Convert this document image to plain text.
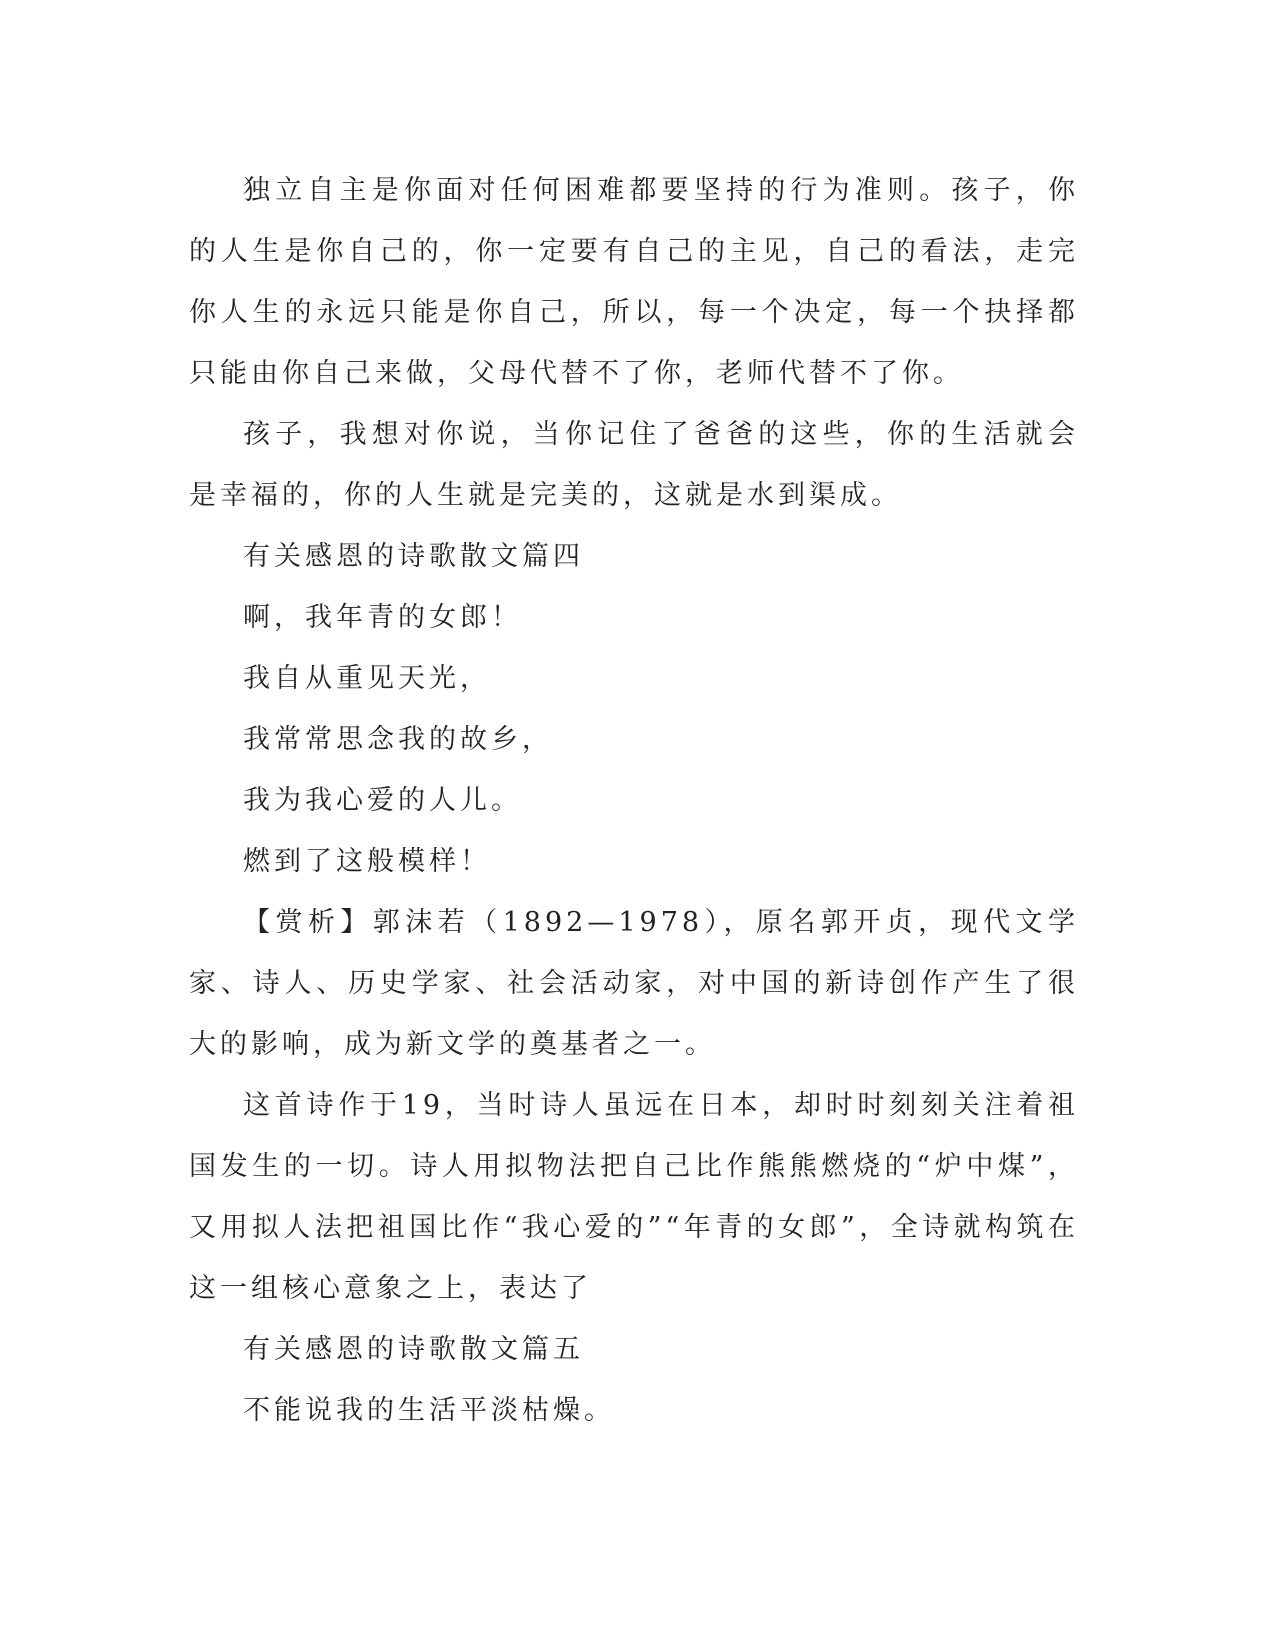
独立自主是你面对任何困难都要坚持的行为准则。孩子，你的人生是你自己的，你一定要有自己的主见，自己的看法，走完你人生的永远只能是你自己，所以，每一个决定，每一个抉择都只能由你自己来做，父母代替不了你，老师代替不了你。

孩子，我想对你说，当你记住了爸爸的这些，你的生活就会是幸福的，你的人生就是完美的，这就是水到渠成。

有关感恩的诗歌散文篇四

啊，我年青的女郎！

我自从重见天光，

我常常思念我的故乡，

我为我心爱的人儿。

燃到了这般模样！

【赏析】郭沫若（1892—1978），原名郭开贞，现代文学家、诗人、历史学家、社会活动家，对中国的新诗创作产生了很大的影响，成为新文学的奠基者之一。

这首诗作于19，当时诗人虽远在日本，却时时刻刻关注着祖国发生的一切。诗人用拟物法把自己比作熊熊燃烧的“炉中煤”，又用拟人法把祖国比作“我心爱的”“年青的女郎”，全诗就构筑在这一组核心意象之上，表达了

有关感恩的诗歌散文篇五

不能说我的生活平淡枯燥。
